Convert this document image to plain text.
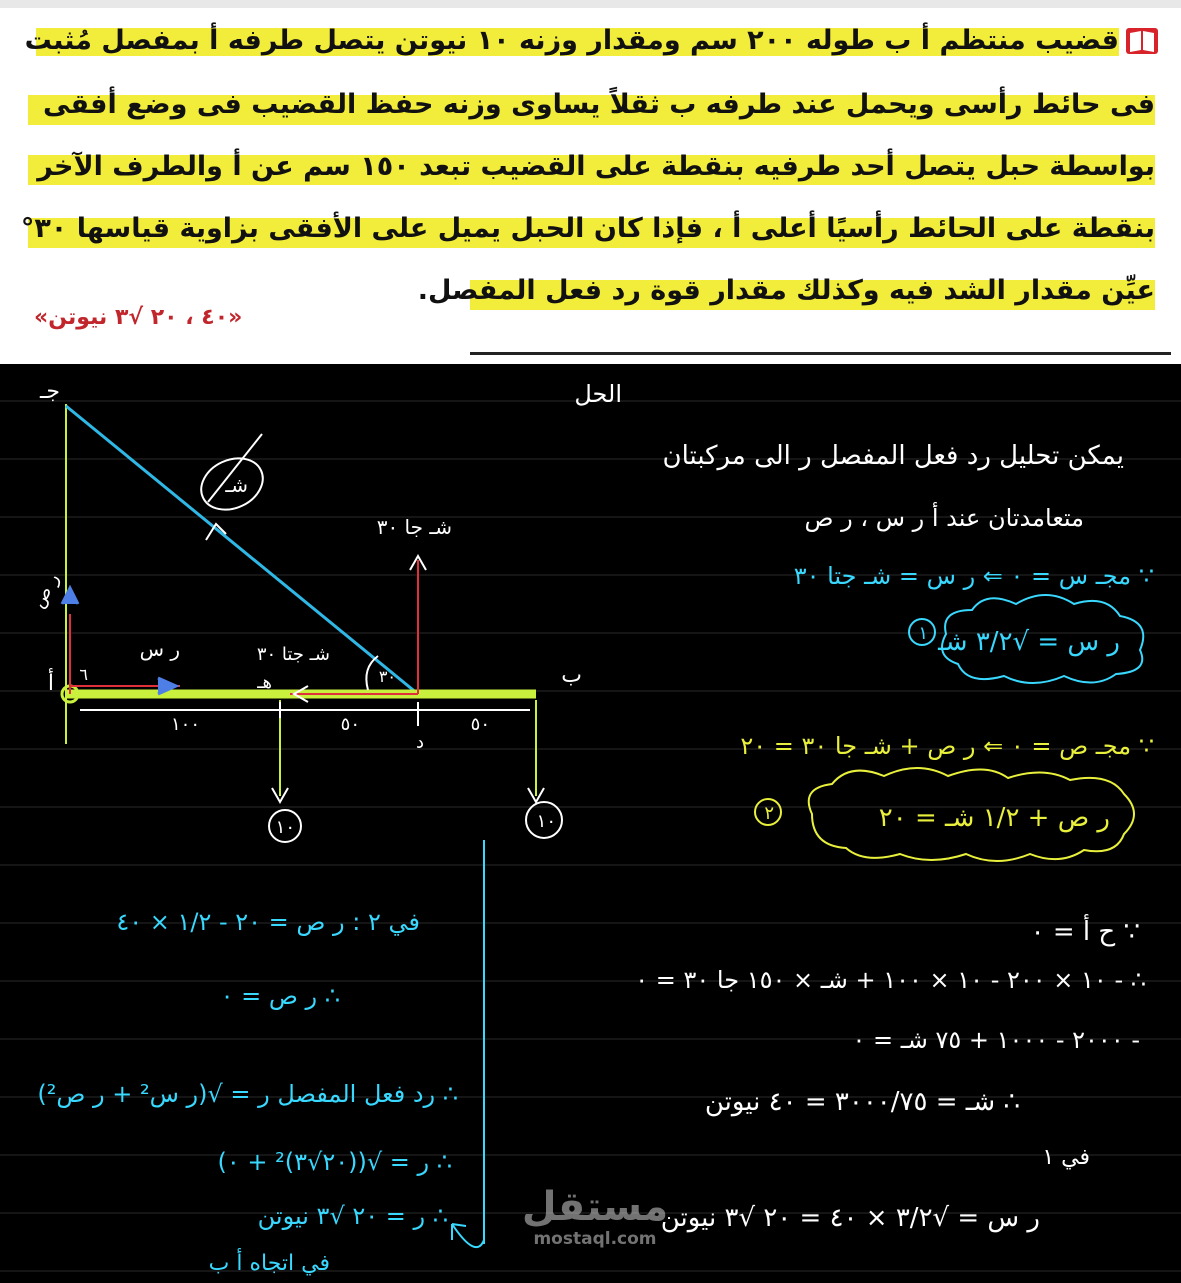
قضيب منتظم أ ب طوله ٢٠٠ سم ومقدار وزنه ١٠ نيوتن يتصل طرفه أ بمفصل مُثبت
فى حائط رأسى ويحمل عند طرفه ب ثقلاً يساوى وزنه حفظ القضيب فى وضع أفقى
بواسطة حبل يتصل أحد طرفيه بنقطة على القضيب تبعد ١٥٠ سم عن أ والطرف الآخر
بنقطة على الحائط رأسيًا أعلى أ ، فإذا كان الحبل يميل على الأفقى بزاوية قياسها ٣٠°
عيِّن مقدار الشد فيه وكذلك مقدار قوة رد فعل المفصل.
«٤٠ ، ٢٠ √٣ نيوتن»
جـ
أ	ب
هـ
د
شـ
ر ص
ر س
شـ جا ٣٠
شـ جتا ٣٠
٣٠
٦
١٠٠	٥٠	٥٠
١٠	١٠
الحل
يمكن تحليل رد فعل المفصل ر الى مركبتان
متعامدتان عند أ ر س ، ر ص
∵ مجـ س = ٠ ⇐ ر س = شـ جتا ٣٠
ر س = √٣/٢ شـ
١
∵ مجـ ص = ٠ ⇐ ر ص + شـ جا ٣٠ = ٢٠
ر ص + ١/٢ شـ = ٢٠
٢
∵ ح أ = ٠
∴ - ١٠ × ٢٠٠ - ١٠ × ١٠٠ + شـ × ١٥٠ جا ٣٠ = ٠
- ٢٠٠٠ - ١٠٠٠ + ٧٥ شـ = ٠
∴ شـ = ٣٠٠٠/٧٥ = ٤٠ نيوتن
في ١
ر س = √٣/٢ × ٤٠ = ٢٠ √٣ نيوتن
في ٢ : ر ص = ٢٠ - ١/٢ × ٤٠
∴ ر ص = ٠
∴ رد فعل المفصل ر = √(ر س² + ر ص²)
∴ ر = √((٢٠√٣)² + ٠)
∴ ر = ٢٠ √٣ نيوتن
في اتجاه أ ب
مستقل
mostaql.com
